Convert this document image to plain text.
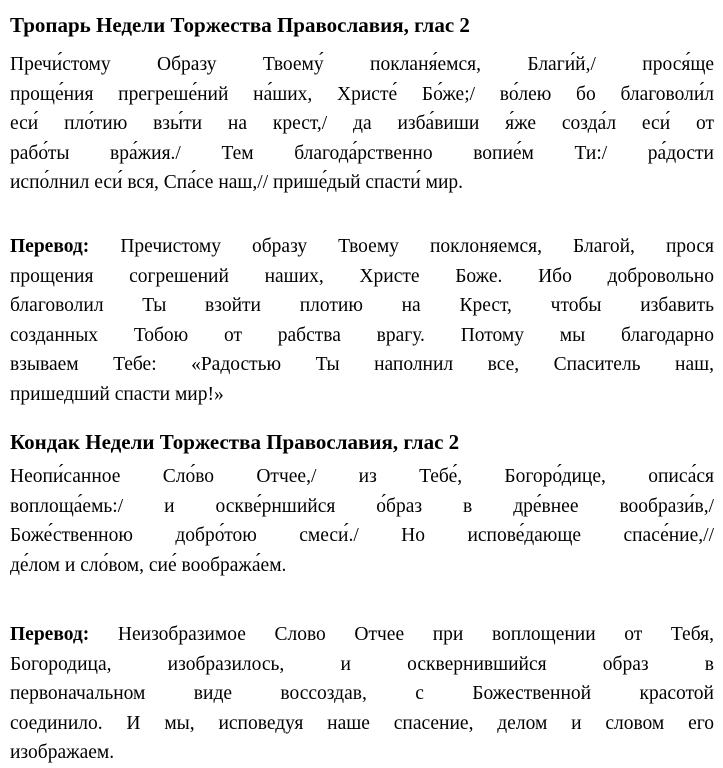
Тропарь Недели Торжества Православия, глас 2
Пречи́стому Образу Твоему́ покланя́емся, Благи́й,/ прося́ще
проще́ния прегреше́ний на́ших, Христе́ Бо́же;/ во́лею бо благоволи́л
еси́ пло́тию взы́ти на крест,/ да изба́виши я́же созда́л еси́ от
рабо́ты вра́жия./ Тем благода́рственно вопие́м Ти:/ ра́дости
испо́лнил еси́ вся, Спа́се наш,// прише́дый спасти́ мир.
Перевод: Пречистому образу Твоему поклоняемся, Благой, прося
прощения согрешений наших, Христе Боже. Ибо добровольно
благоволил Ты взойти плотию на Крест, чтобы избавить
созданных Тобою от рабства врагу. Потому мы благодарно
взываем Тебе: «Радостью Ты наполнил все, Спаситель наш,
пришедший спасти мир!»
Кондак Недели Торжества Православия, глас 2
Неопи́санное Сло́во Отчее,/ из Тебе́, Богоро́дице, описа́ся
воплоща́емь:/ и оскве́рншийся о́браз в дре́внее вообрази́в,/
Боже́ственною добро́тою смеси́./ Но испове́дающе спасе́ние,//
де́лом и сло́вом, сие́ вообража́ем.
Перевод: Неизобразимое Слово Отчее при воплощении от Тебя,
Богородица, изобразилось, и осквернившийся образ в
первоначальном виде воссоздав, с Божественной красотой
соединило. И мы, исповедуя наше спасение, делом и словом его
изображаем.
